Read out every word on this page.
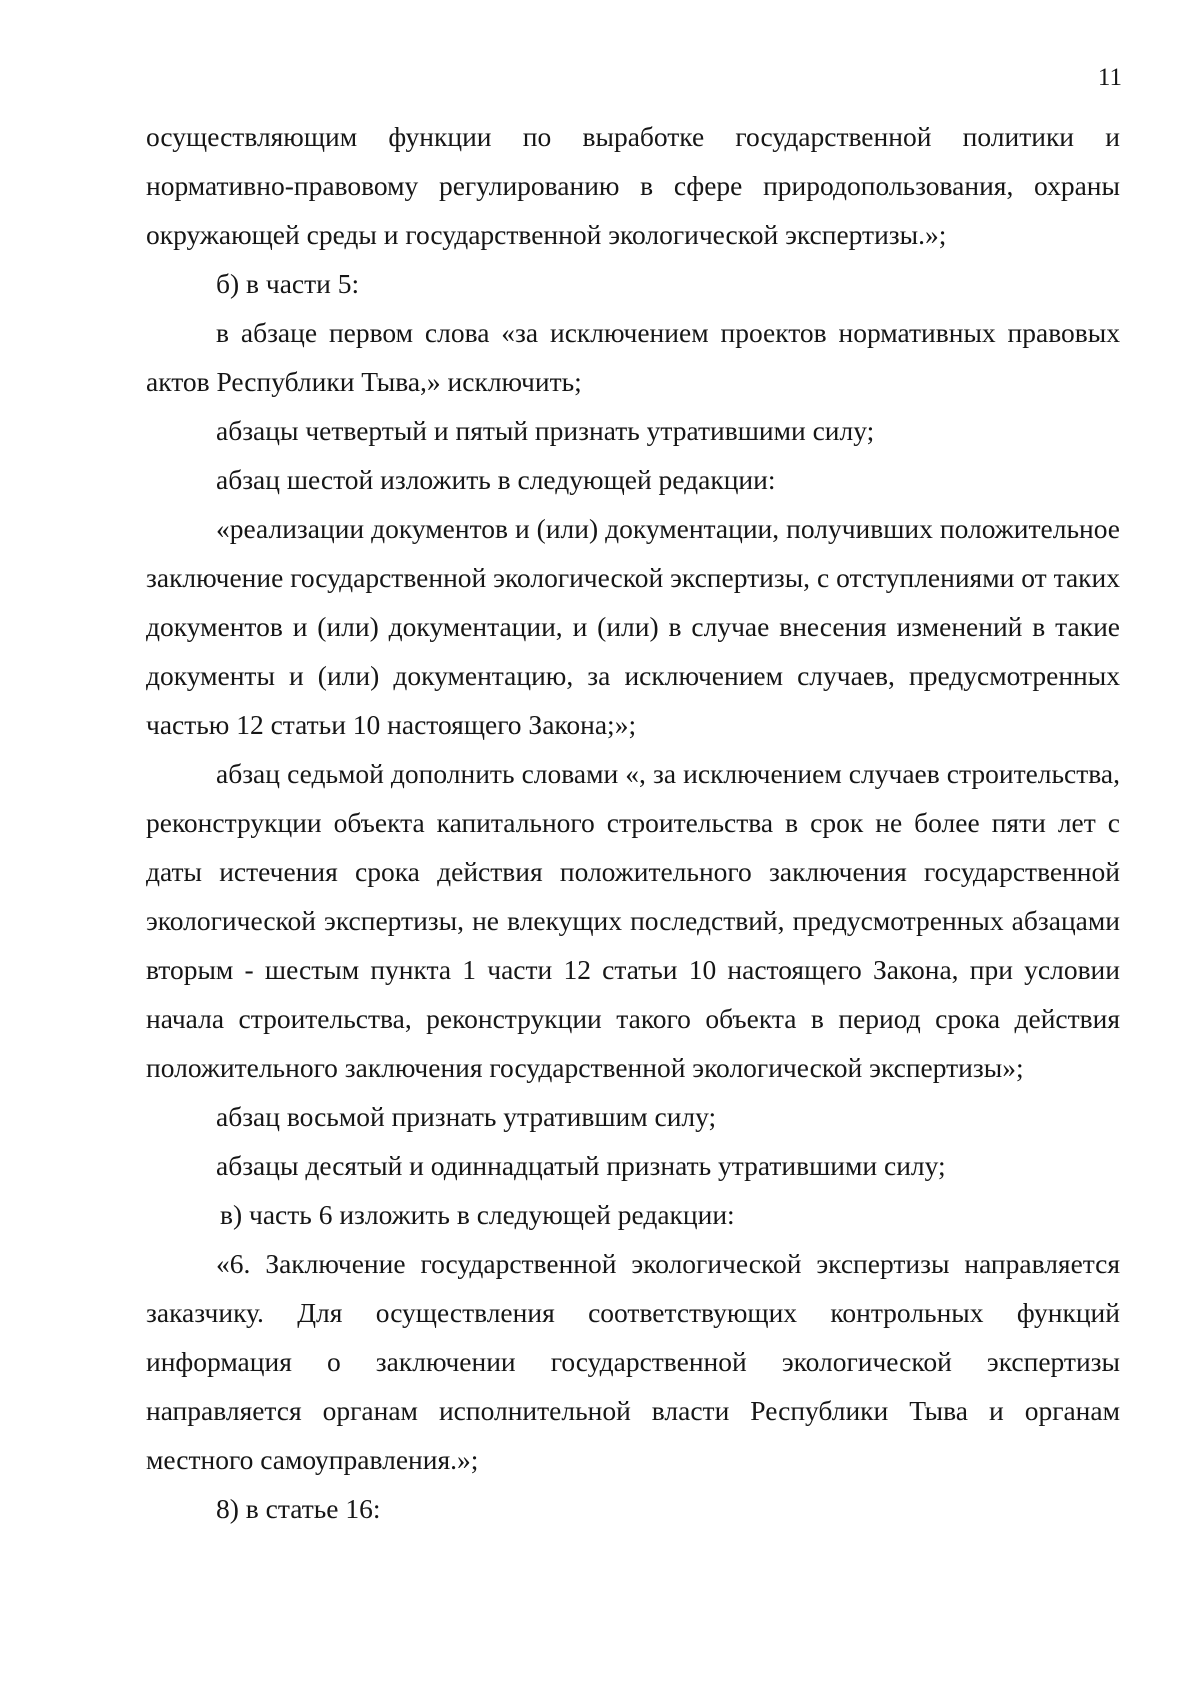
11

осуществляющим функции по выработке государственной политики и нормативно-правовому регулированию в сфере природопользования, охраны окружающей среды и государственной экологической экспертизы.»;

б) в части 5:

в абзаце первом слова «за исключением проектов нормативных правовых актов Республики Тыва,» исключить;

абзацы четвертый и пятый признать утратившими силу;

абзац шестой изложить в следующей редакции:

«реализации документов и (или) документации, получивших положительное заключение государственной экологической экспертизы, с отступлениями от таких документов и (или) документации, и (или) в случае внесения изменений в такие документы и (или) документацию, за исключением случаев, предусмотренных частью 12 статьи 10 настоящего Закона;»;

абзац седьмой дополнить словами «, за исключением случаев строительства, реконструкции объекта капитального строительства в срок не более пяти лет с даты истечения срока действия положительного заключения государственной экологической экспертизы, не влекущих последствий, предусмотренных абзацами вторым - шестым пункта 1 части 12 статьи 10 настоящего Закона, при условии начала строительства, реконструкции такого объекта в период срока действия положительного заключения государственной экологической экспертизы»;

абзац восьмой признать утратившим силу;

абзацы десятый и одиннадцатый признать утратившими силу;

в) часть 6 изложить в следующей редакции:

«6. Заключение государственной экологической экспертизы направляется заказчику. Для осуществления соответствующих контрольных функций информация о заключении государственной экологической экспертизы направляется органам исполнительной власти Республики Тыва и органам местного самоуправления.»;

8) в статье 16:
